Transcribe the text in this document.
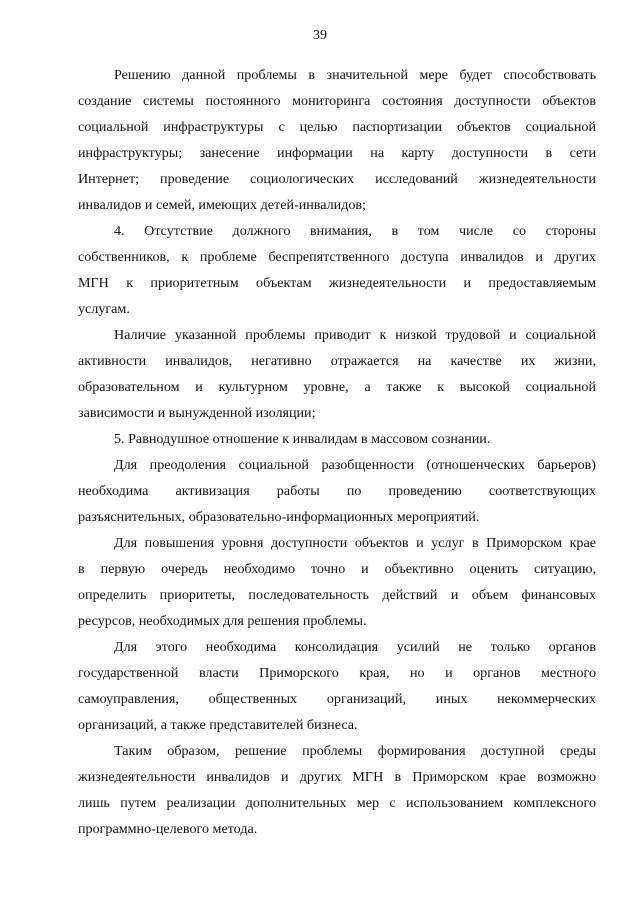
39

Решению данной проблемы в значительной мере будет способствовать
создание системы постоянного мониторинга состояния доступности объектов
социальной инфраструктуры с целью паспортизации объектов социальной
инфраструктуры; занесение информации на карту доступности в сети
Интернет; проведение социологических исследований жизнедеятельности
инвалидов и семей, имеющих детей-инвалидов;

4. Отсутствие должного внимания, в том числе со стороны
собственников, к проблеме беспрепятственного доступа инвалидов и других
МГН к приоритетным объектам жизнедеятельности и предоставляемым
услугам.

Наличие указанной проблемы приводит к низкой трудовой и социальной
активности инвалидов, негативно отражается на качестве их жизни,
образовательном и культурном уровне, а также к высокой социальной
зависимости и вынужденной изоляции;

5. Равнодушное отношение к инвалидам в массовом сознании.

Для преодоления социальной разобщенности (отношенческих барьеров)
необходима активизация работы по проведению соответствующих
разъяснительных, образовательно-информационных мероприятий.

Для повышения уровня доступности объектов и услуг в Приморском крае
в первую очередь необходимо точно и объективно оценить ситуацию,
определить приоритеты, последовательность действий и объем финансовых
ресурсов, необходимых для решения проблемы.

Для этого необходима консолидация усилий не только органов
государственной власти Приморского края, но и органов местного
самоуправления, общественных организаций, иных некоммерческих
организаций, а также представителей бизнеса.

Таким образом, решение проблемы формирования доступной среды
жизнедеятельности инвалидов и других МГН в Приморском крае возможно
лишь путем реализации дополнительных мер с использованием комплексного
программно-целевого метода.
